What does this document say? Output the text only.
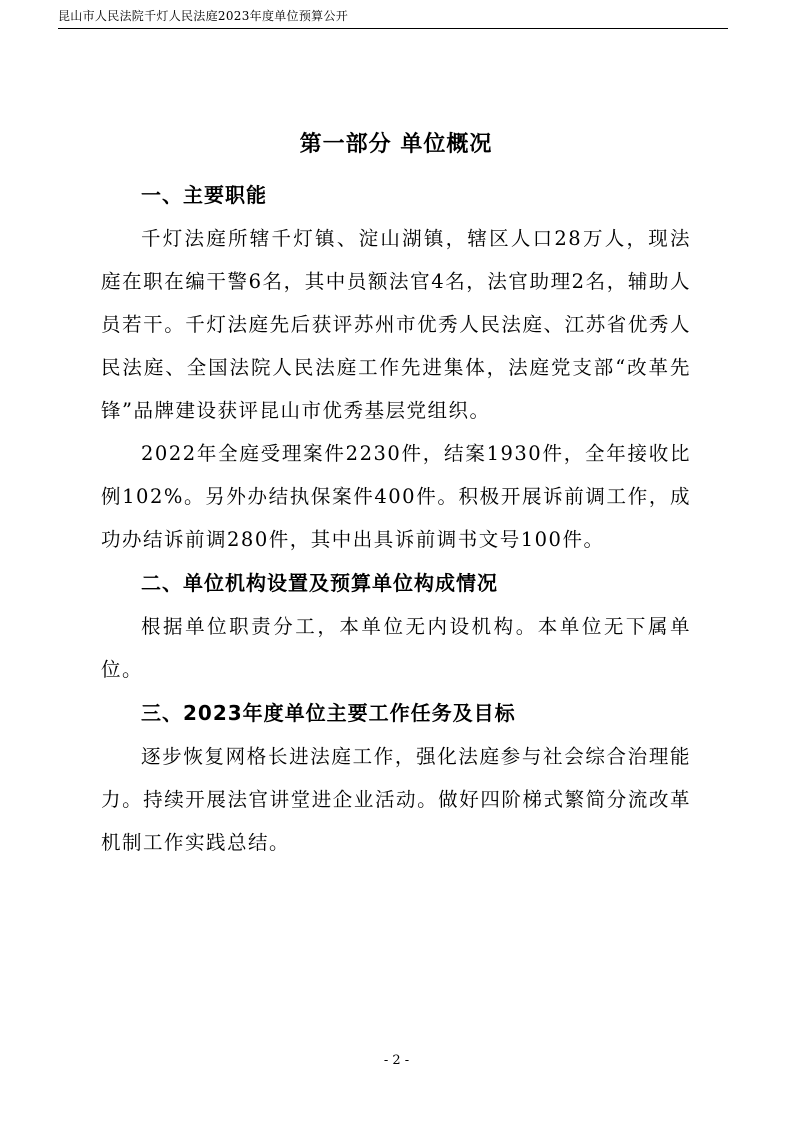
昆山市人民法院千灯人民法庭2023年度单位预算公开
第一部分 单位概况
一、主要职能

千灯法庭所辖千灯镇、淀山湖镇，辖区人口28万人，现法庭在职在编干警6名，其中员额法官4名，法官助理2名，辅助人员若干。千灯法庭先后获评苏州市优秀人民法庭、江苏省优秀人民法庭、全国法院人民法庭工作先进集体，法庭党支部“改革先锋”品牌建设获评昆山市优秀基层党组织。

2022年全庭受理案件2230件，结案1930件，全年接收比例102%。另外办结执保案件400件。积极开展诉前调工作，成功办结诉前调280件，其中出具诉前调书文号100件。

二、单位机构设置及预算单位构成情况

根据单位职责分工，本单位无内设机构。本单位无下属单位。

三、2023年度单位主要工作任务及目标

逐步恢复网格长进法庭工作，强化法庭参与社会综合治理能力。持续开展法官讲堂进企业活动。做好四阶梯式繁简分流改革机制工作实践总结。

- 2 -
